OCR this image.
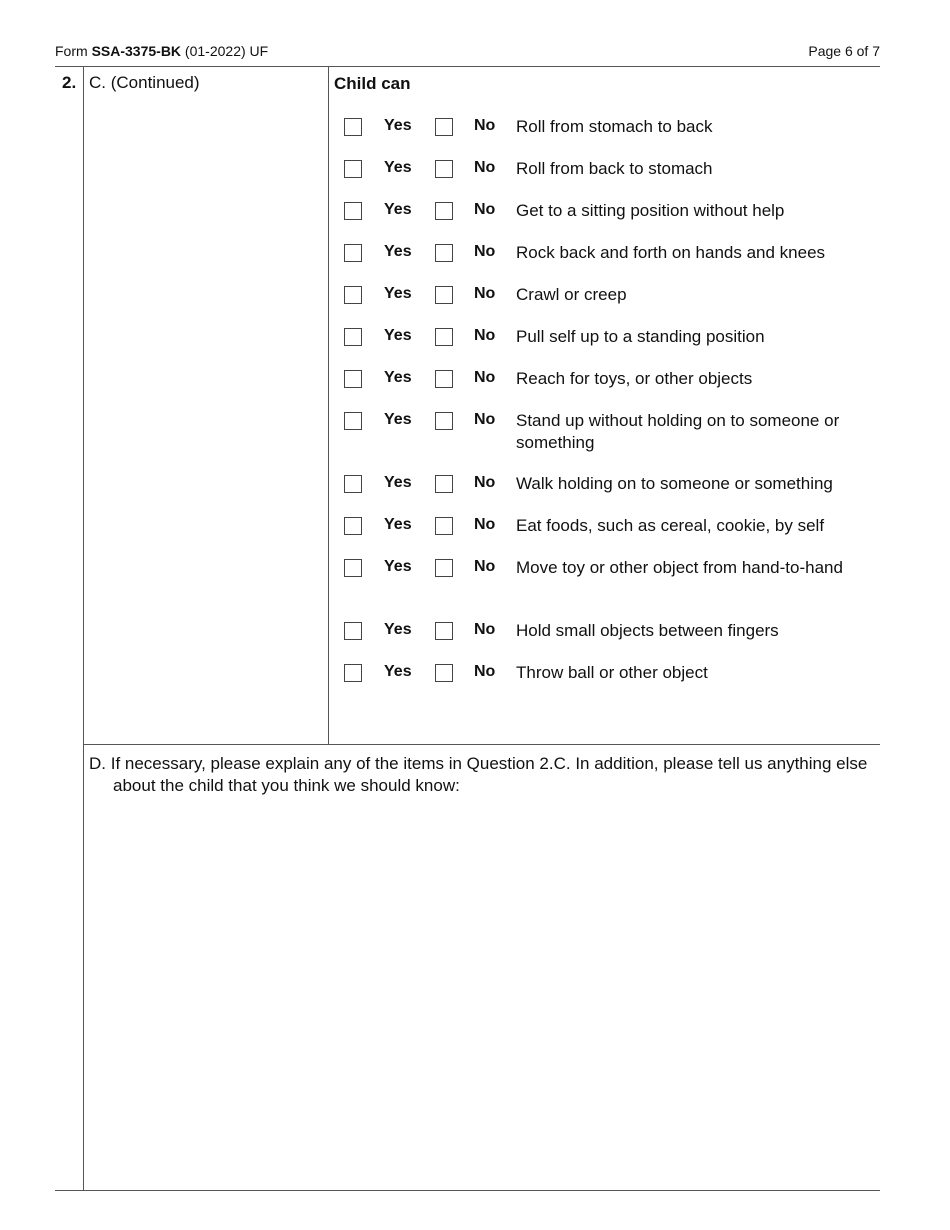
Form SSA-3375-BK (01-2022) UF	Page 6 of 7
2. C. (Continued)	Child can
Yes	No Roll from stomach to back
Yes	No Roll from back to stomach
Yes	No Get to a sitting position without help
Yes	No Rock back and forth on hands and knees
Yes	No Crawl or creep
Yes	No Pull self up to a standing position
Yes	No Reach for toys, or other objects
Yes	No Stand up without holding on to someone or something
Yes	No Walk holding on to someone or something
Yes	No Eat foods, such as cereal, cookie, by self
Yes	No Move toy or other object from hand-to-hand
Yes	No Hold small objects between fingers
Yes	No Throw ball or other object
D. If necessary, please explain any of the items in Question 2.C. In addition, please tell us anything else about the child that you think we should know:
